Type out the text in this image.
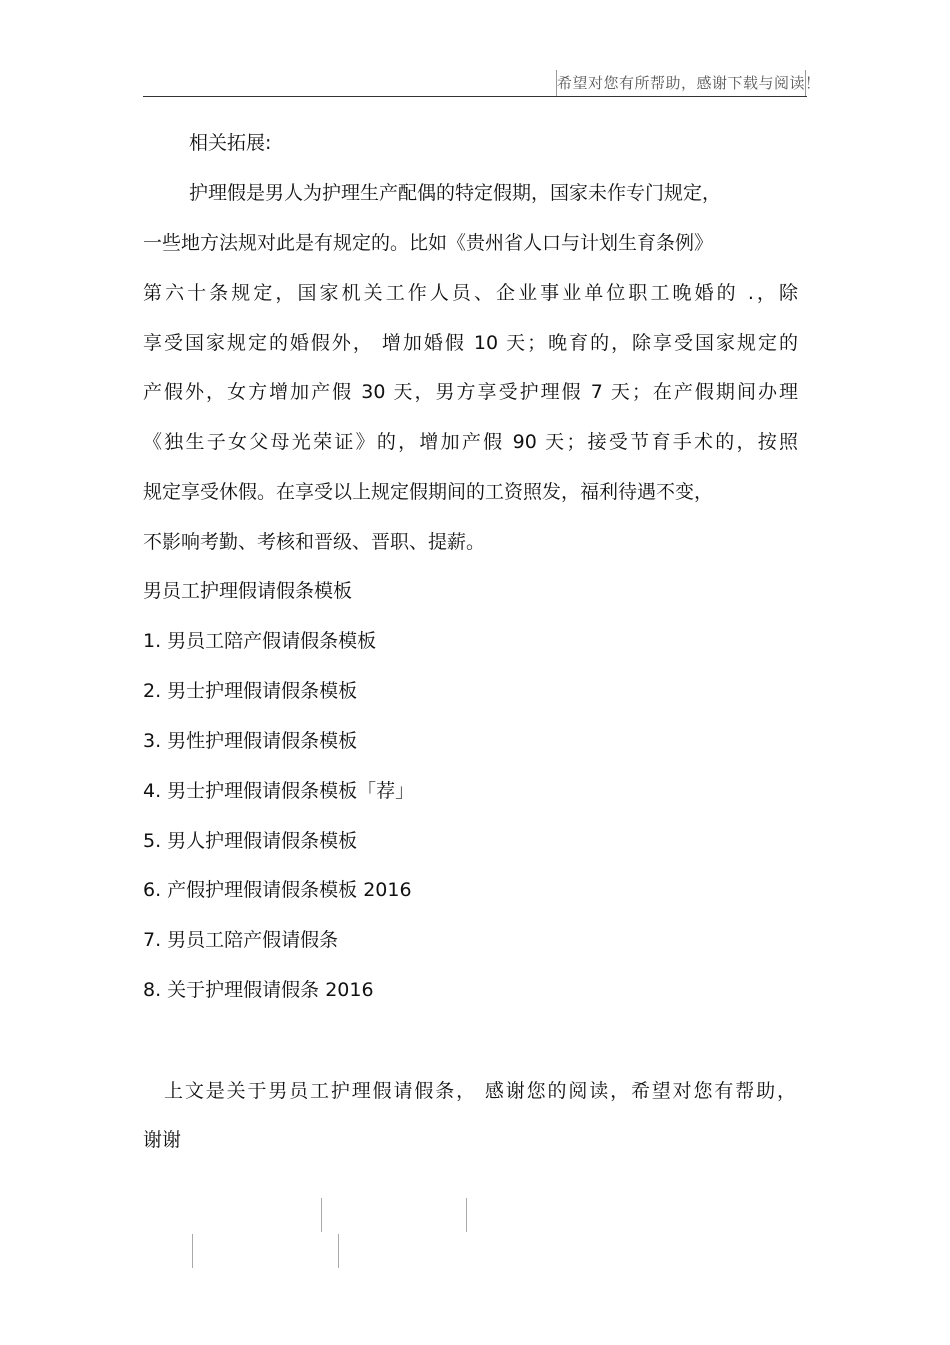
希望对您有所帮助，感谢下载与阅读！
相关拓展:
护理假是男人为护理生产配偶的特定假期，国家未作专门规定，
一些地方法规对此是有规定的。比如《贵州省人口与计划生育条例》
第六十条规定，国家机关工作人员、企业事业单位职工晚婚的 .，除
享受国家规定的婚假外， 增加婚假 10 天；晚育的，除享受国家规定的
产假外，女方增加产假 30 天，男方享受护理假 7 天；在产假期间办理
《独生子女父母光荣证》的，增加产假 90 天；接受节育手术的，按照
规定享受休假。在享受以上规定假期间的工资照发，福利待遇不变，
不影响考勤、考核和晋级、晋职、提薪。
男员工护理假请假条模板
1. 男员工陪产假请假条模板
2. 男士护理假请假条模板
3. 男性护理假请假条模板
4. 男士护理假请假条模板「荐」
5. 男人护理假请假条模板
6. 产假护理假请假条模板 2016
7. 男员工陪产假请假条
8. 关于护理假请假条 2016
上文是关于男员工护理假请假条， 感谢您的阅读，希望对您有帮助，
谢谢
